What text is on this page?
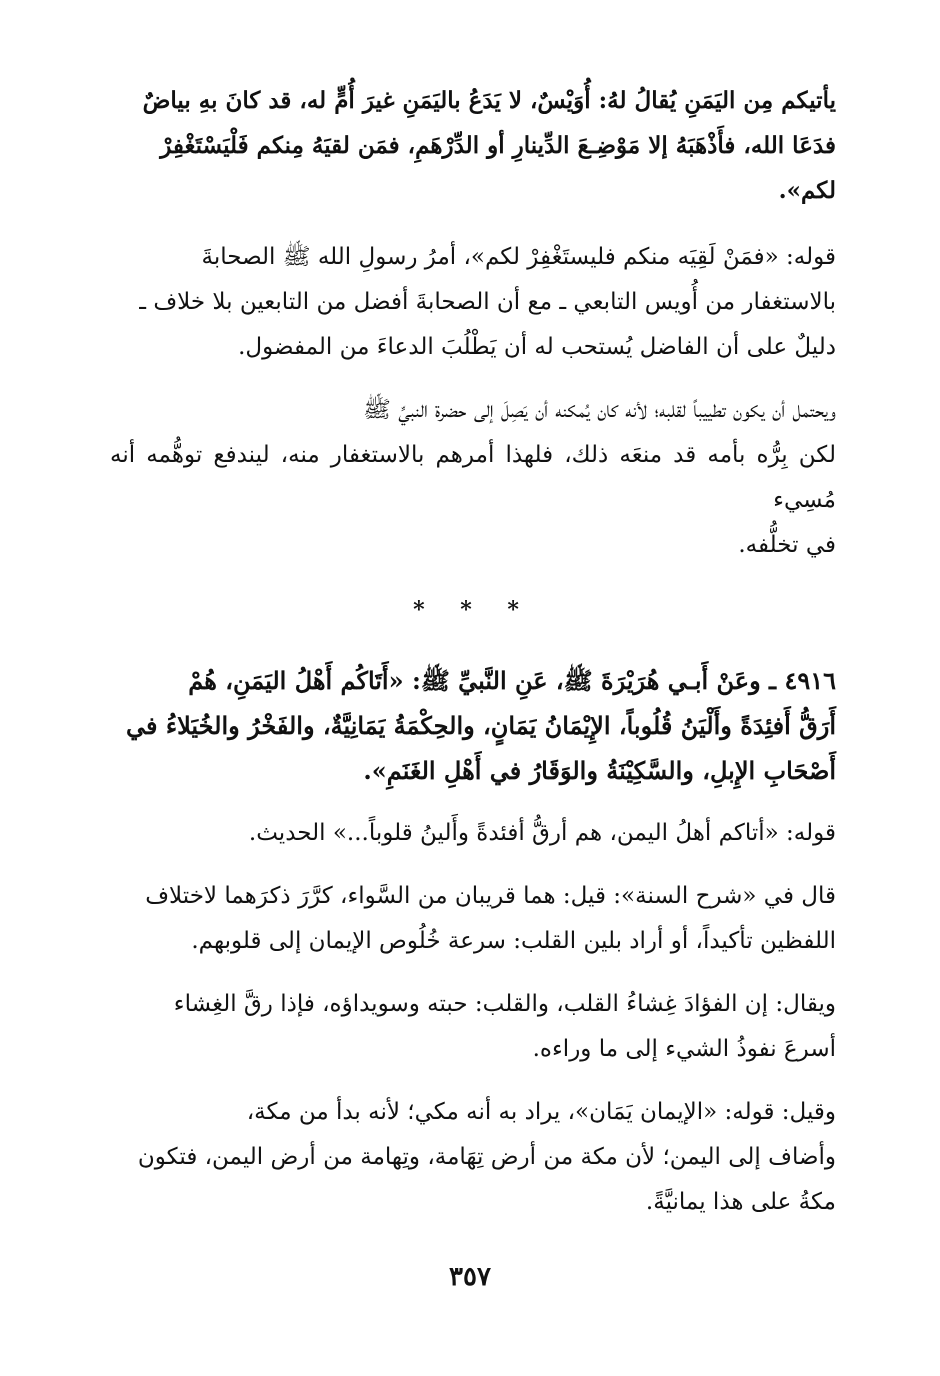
يأتيكم مِن اليَمَنِ يُقالُ لهُ: أُوَيْسٌ، لا يَدَعُ باليَمَنِ غيرَ أُمٍّ له، قد كانَ بهِ بياضٌ

فدَعَا الله، فأَذْهَبَهُ إلا مَوْضِـعَ الدِّينارِ أو الدِّرْهَمِ، فمَن لقيَهُ مِنكم فَلْيَسْتَغْفِرْ

لكم».

قوله: «فمَنْ لَقِيَه منكم فليستَغْفِرْ لكم»، أمرُ رسولِ الله ﷺ الصحابةَ

بالاستغفار من أُويس التابعي ـ مع أن الصحابةَ أفضل من التابعين بلا خلاف ـ

دليلٌ على أن الفاضل يُستحب له أن يَطْلُبَ الدعاءَ من المفضول.

ويحتمل أن يكون تطييباً لقلبه؛ لأنه كان يُمكنه أن يَصِلَ إلى حضرة النبيِّ ﷺ

لكن بِرُّه بأمه قد منعَه ذلك، فلهذا أمرهم بالاستغفار منه، ليندفع توهُّمه أنه مُسِيء

في تخلُّفه.

* * *

٤٩١٦ ـ وعَنْ أَبـي هُرَيْرَةَ ﷺ، عَنِ النَّبيِّ ﷺ: «أَتَاكُم أَهْلُ اليَمَنِ، هُمْ

أَرَقُّ أَفئِدَةً وأَلْيَنُ قُلُوباً، الإِيْمَانُ يَمَانٍ، والحِكْمَةُ يَمَانِيَّةٌ، والفَخْرُ والخُيَلاءُ في

أَصْحَابِ الإِبلِ، والسَّكِيْنَةُ والوَقَارُ في أَهْلِ الغَنَمِ».

قوله: «أتاكم أهلُ اليمن، هم أرقُّ أفئدةً وأَلينُ قلوباً...» الحديث.

قال في «شرح السنة»: قيل: هما قريبان من السَّواء، كرَّرَ ذكرَهما لاختلاف

اللفظين تأكيداً، أو أراد بلين القلب: سرعة خُلُوص الإيمان إلى قلوبهم.

ويقال: إن الفؤادَ غِشاءُ القلب، والقلب: حبته وسويداؤه، فإذا رقَّ الغِشاء

أسرعَ نفوذُ الشيء إلى ما وراءه.

وقيل: قوله: «الإيمان يَمَان»، يراد به أنه مكي؛ لأنه بدأ من مكة،

وأضاف إلى اليمن؛ لأن مكة من أرض تِهَامة، وتِهامة من أرض اليمن، فتكون

مكةُ على هذا يمانيَّةً.

٣٥٧
